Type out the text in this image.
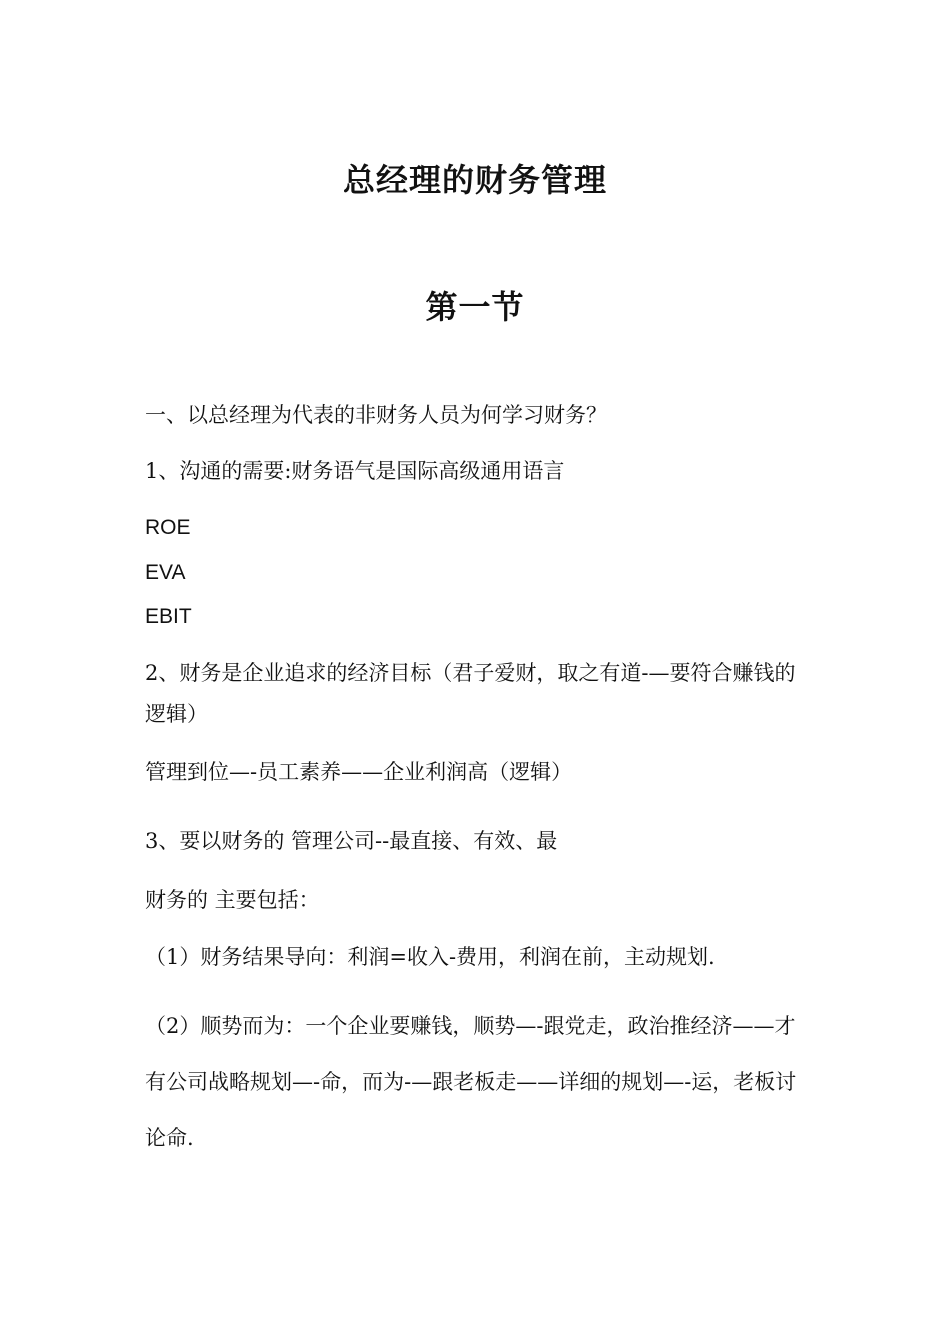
总经理的财务管理
第一节
一、以总经理为代表的非财务人员为何学习财务？
1、沟通的需要:财务语气是国际高级通用语言
ROE
EVA
EBIT
2、财务是企业追求的经济目标（君子爱财，取之有道-—要符合赚钱的逻辑）
管理到位—-员工素养——企业利润高（逻辑）
3、要以财务的 管理公司--最直接、有效、最
财务的 主要包括：
（1）财务结果导向：利润=收入-费用，利润在前，主动规划.
（2）顺势而为：一个企业要赚钱，顺势—-跟党走，政治推经济——才有公司战略规划—-命，而为-—跟老板走——详细的规划—-运，老板讨论命.
